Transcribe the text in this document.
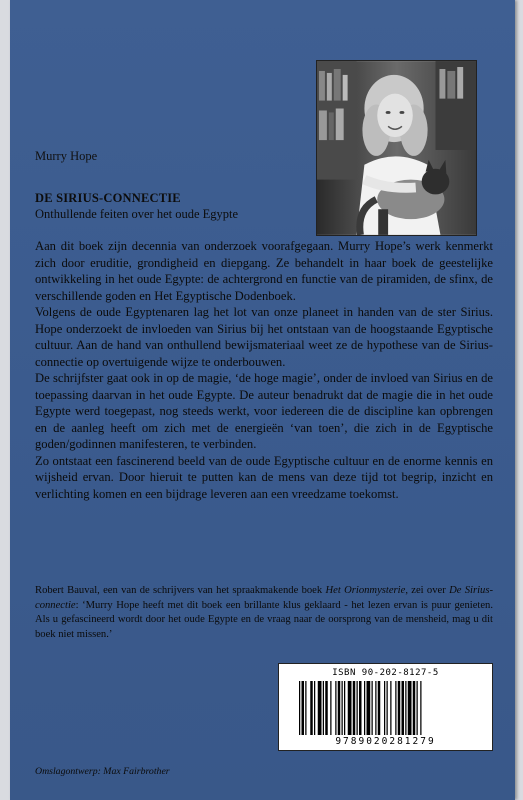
Murry Hope
DE SIRIUS-CONNECTIE
Onthullende feiten over het oude Egypte

Aan dit boek zijn decennia van onderzoek voorafgegaan. Murry Hope’s werk kenmerkt zich door eruditie, grondigheid en diepgang. Ze behandelt in haar boek de geestelijke ontwikkeling in het oude Egypte: de achtergrond en functie van de piramiden, de sfinx, de verschillende goden en Het Egyptische Dodenboek.

Volgens de oude Egyptenaren lag het lot van onze planeet in handen van de ster Sirius. Hope onderzoekt de invloeden van Sirius bij het ontstaan van de hoogstaande Egyptische cultuur. Aan de hand van onthullend bewijsmateriaal weet ze de hypothese van de Sirius-connectie op overtuigende wijze te onderbouwen.

De schrijfster gaat ook in op de magie, ‘de hoge magie’, onder de invloed van Sirius en de toepassing daarvan in het oude Egypte. De auteur benadrukt dat de magie die in het oude Egypte werd toegepast, nog steeds werkt, voor iedereen die de discipline kan opbrengen en de aanleg heeft om zich met de energieën ‘van toen’, die zich in de Egyptische goden/godinnen manifesteren, te verbinden.

Zo ontstaat een fascinerend beeld van de oude Egyptische cultuur en de enorme kennis en wijsheid ervan. Door hieruit te putten kan de mens van deze tijd tot begrip, inzicht en verlichting komen en een bijdrage leveren aan een vreedzame toekomst.

Robert Bauval, een van de schrijvers van het spraakmakende boek Het Orionmysterie, zei over De Sirius-connectie: ‘Murry Hope heeft met dit boek een brillante klus geklaard - het lezen ervan is puur genieten. Als u gefascineerd wordt door het oude Egypte en de vraag naar de oorsprong van de mensheid, mag u dit boek niet missen.’
ISBN 90-202-8127-5
9789020281279
Omslagontwerp: Max Fairbrother
